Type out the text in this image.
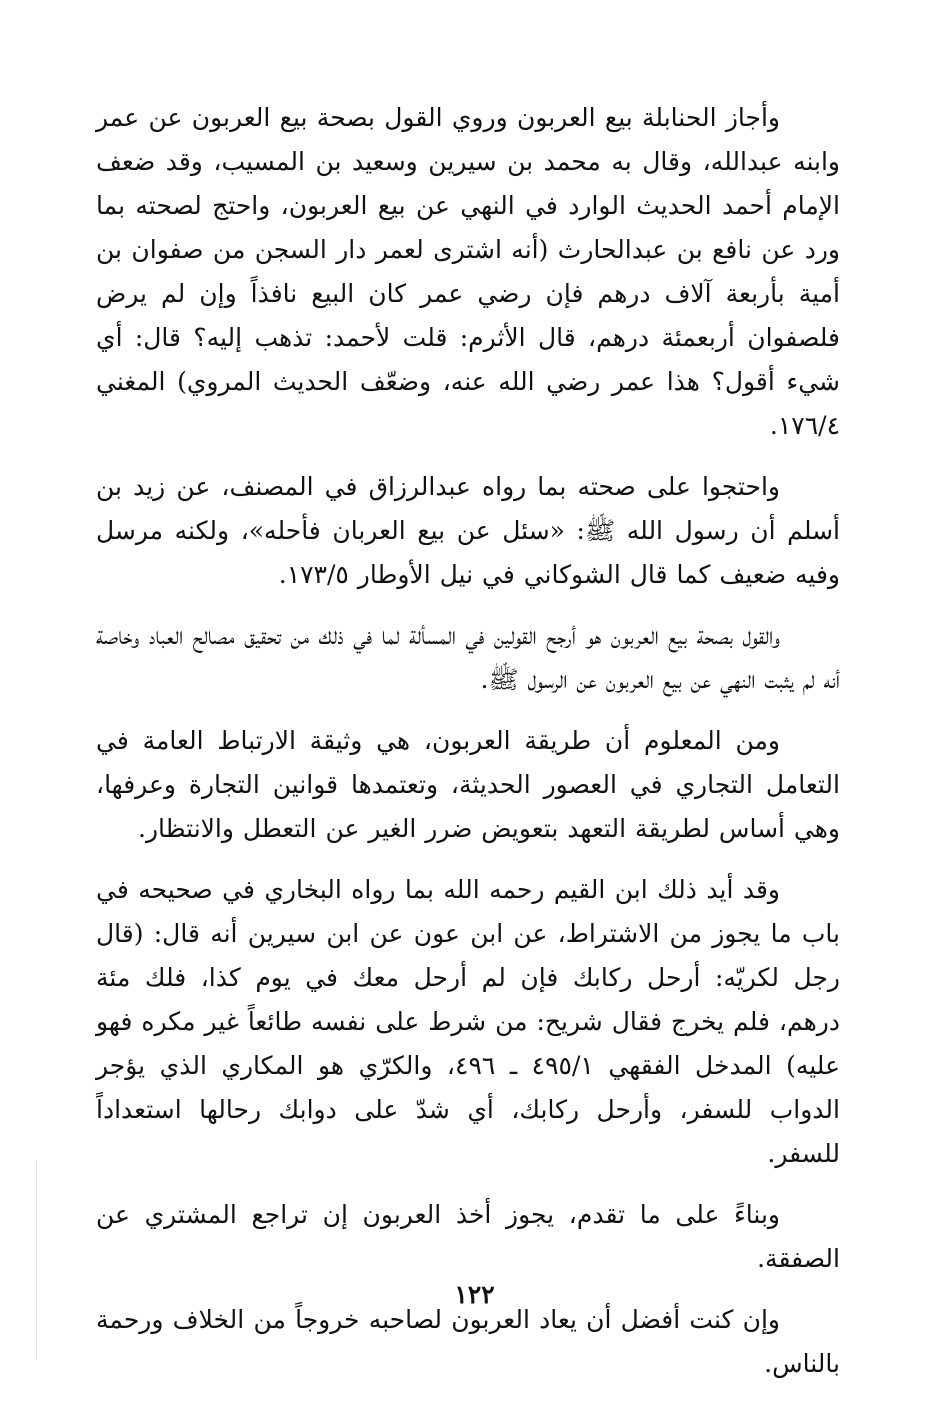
وأجاز الحنابلة بيع العربون وروي القول بصحة بيع العربون عن عمر وابنه عبدالله، وقال به محمد بن سيرين وسعيد بن المسيب، وقد ضعف الإمام أحمد الحديث الوارد في النهي عن بيع العربون، واحتج لصحته بما ورد عن نافع بن عبدالحارث (أنه اشترى لعمر دار السجن من صفوان بن أمية بأربعة آلاف درهم فإن رضي عمر كان البيع نافذاً وإن لم يرض فلصفوان أربعمئة درهم، قال الأثرم: قلت لأحمد: تذهب إليه؟ قال: أي شيء أقول؟ هذا عمر رضي الله عنه، وضعّف الحديث المروي) المغني ١٧٦/٤.

واحتجوا على صحته بما رواه عبدالرزاق في المصنف، عن زيد بن أسلم أن رسول الله ﷺ: «سئل عن بيع العربان فأحله»، ولكنه مرسل وفيه ضعيف كما قال الشوكاني في نيل الأوطار ١٧٣/٥.

والقول بصحة بيع العربون هو أرجح القولين في المسألة لما في ذلك من تحقيق مصالح العباد وخاصة أنه لم يثبت النهي عن بيع العربون عن الرسول ﷺ.

ومن المعلوم أن طريقة العربون، هي وثيقة الارتباط العامة في التعامل التجاري في العصور الحديثة، وتعتمدها قوانين التجارة وعرفها، وهي أساس لطريقة التعهد بتعويض ضرر الغير عن التعطل والانتظار.

وقد أيد ذلك ابن القيم رحمه الله بما رواه البخاري في صحيحه في باب ما يجوز من الاشتراط، عن ابن عون عن ابن سيرين أنه قال: (قال رجل لكريّه: أرحل ركابك فإن لم أرحل معك في يوم كذا، فلك مئة درهم، فلم يخرج فقال شريح: من شرط على نفسه طائعاً غير مكره فهو عليه) المدخل الفقهي ٤٩٥/١ ـ ٤٩٦، والكرّي هو المكاري الذي يؤجر الدواب للسفر، وأرحل ركابك، أي شدّ على دوابك رحالها استعداداً للسفر.

وبناءً على ما تقدم، يجوز أخذ العربون إن تراجع المشتري عن الصفقة.

وإن كنت أفضل أن يعاد العربون لصاحبه خروجاً من الخلاف ورحمة بالناس.

١٢٢
